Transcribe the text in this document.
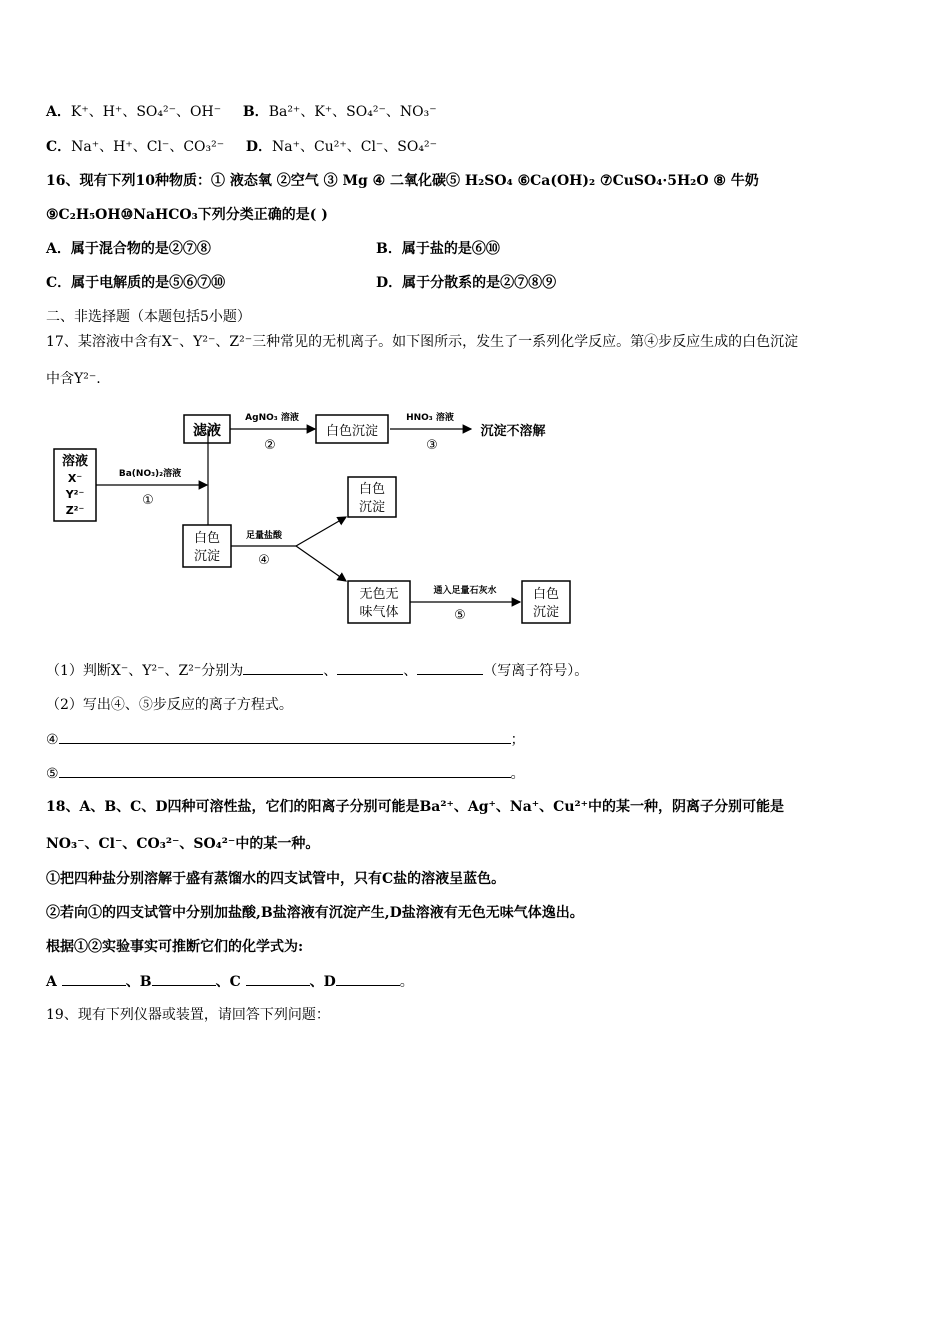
A．K⁺、H⁺、SO₄²⁻、OH⁻ B．Ba²⁺、K⁺、SO₄²⁻、NO₃⁻
C．Na⁺、H⁺、Cl⁻、CO₃²⁻ D．Na⁺、Cu²⁺、Cl⁻、SO₄²⁻
16、现有下列10种物质：① 液态氧 ②空气 ③ Mg ④ 二氧化碳⑤ H₂SO₄ ⑥Ca(OH)₂ ⑦CuSO₄·5H₂O ⑧ 牛奶
⑨C₂H₅OH⑩NaHCO₃下列分类正确的是( )
A．属于混合物的是②⑦⑧	B．属于盐的是⑥⑩
C．属于电解质的是⑤⑥⑦⑩	D．属于分散系的是②⑦⑧⑨
二、非选择题（本题包括5小题）
17、某溶液中含有X⁻、Y²⁻、Z²⁻三种常见的无机离子。如下图所示，发生了一系列化学反应。第④步反应生成的白色沉淀
中含Y²⁻.
溶液
X⁻
Y²⁻
Z²⁻
Ba(NO₃)₂溶液
①
滤液
AgNO₃ 溶液
②
白色沉淀
HNO₃ 溶液
③
沉淀不溶解
白色
沉淀
足量盐酸
④
白色
沉淀
无色无
味气体
通入足量石灰水
⑤
白色
沉淀
（1）判断X⁻、Y²⁻、Z²⁻分别为	、	、	（写离子符号）。
（2）写出④、⑤步反应的离子方程式。
④	；
⑤	。
18、A、B、C、D四种可溶性盐，它们的阳离子分别可能是Ba²⁺、Ag⁺、Na⁺、Cu²⁺中的某一种，阴离子分别可能是
NO₃⁻、Cl⁻、CO₃²⁻、SO₄²⁻中的某一种。
①把四种盐分别溶解于盛有蒸馏水的四支试管中，只有C盐的溶液呈蓝色。
②若向①的四支试管中分别加盐酸,B盐溶液有沉淀产生,D盐溶液有无色无味气体逸出。
根据①②实验事实可推断它们的化学式为:
A	、B	、C	、D	。
19、现有下列仪器或装置，请回答下列问题：
